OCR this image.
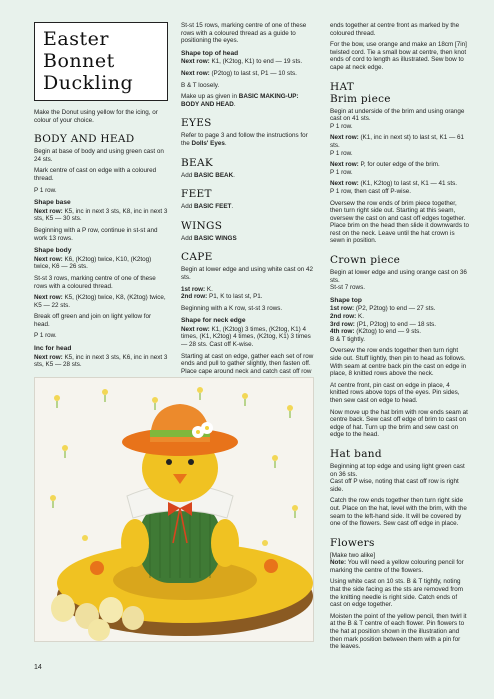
Easter
Bonnet
Duckling

Make the Donut using yellow for the icing, or colour of your choice.

BODY AND HEAD

Begin at base of body and using green cast on 24 sts.

Mark centre of cast on edge with a coloured thread.

P 1 row.

Shape base

Next row: K5, inc in next 3 sts, K8, inc in next 3 sts, K5 — 30 sts.

Beginning with a P row, continue in st-st and work 13 rows.

Shape body

Next row: K6, (K2tog) twice, K10, (K2tog) twice, K6 — 26 sts.

St-st 3 rows, marking centre of one of these rows with a coloured thread.

Next row: K5, (K2tog) twice, K8, (K2tog) twice, K5 — 22 sts.

Break off green and join on light yellow for head.

P 1 row.

Inc for head

Next row: K5, inc in next 3 sts, K6, inc in next 3 sts, K5 — 28 sts.

St-st 15 rows, marking centre of one of these rows with a coloured thread as a guide to positioning the eyes.

Shape top of head

Next row: K1, (K2tog, K1) to end — 19 sts.

Next row: (P2tog) to last st, P1 — 10 sts.

B & T loosely.

Make up as given in BASIC MAKING-UP: BODY AND HEAD.

EYES

Refer to page 3 and follow the instructions for the Dolls' Eyes.

BEAK

Add BASIC BEAK.

FEET

Add BASIC FEET.

WINGS

Add BASIC WINGS

CAPE

Begin at lower edge and using white cast on 42 sts.

1st row: K.

2nd row: P1, K to last st, P1.

Beginning with a K row, st-st 3 rows.

Shape for neck edge

Next row: K1, (K2tog) 3 times, (K2tog, K1) 4 times, (K1, K2tog) 4 times, (K2tog, K1) 3 times — 28 sts. Cast off K-wise.

Starting at cast on edge, gather each set of row ends and pull to gather slightly, then fasten off. Place cape around neck and catch cast off row

ends together at centre front as marked by the coloured thread.

For the bow, use orange and make an 18cm [7in] twisted cord. Tie a small bow at centre, then knot ends of cord to length as illustrated. Sew bow to cape at neck edge.

HAT
Brim piece

Begin at underside of the brim and using orange cast on 41 sts.

P 1 row.

Next row: (K1, inc in next st) to last st, K1 — 61 sts.

P 1 row.

Next row: P, for outer edge of the brim.

P 1 row.

Next row: (K1, K2tog) to last st, K1 — 41 sts.

P 1 row, then cast off P-wise.

Oversew the row ends of brim piece together, then turn right side out. Starting at this seam, oversew the cast on and cast off edges together. Place brim on the head then slide it downwards to rest on the neck. Leave until the hat crown is sewn in position.

Crown piece

Begin at lower edge and using orange cast on 36 sts.

St-st 7 rows.

Shape top

1st row: (P2, P2tog) to end — 27 sts.

2nd row: K.

3rd row: (P1, P2tog) to end — 18 sts.

4th row: (K2tog) to end — 9 sts.

B & T tightly.

Oversew the row ends together then turn right side out. Stuff lightly, then pin to head as follows. With seam at centre back pin the cast on edge in place, 8 knitted rows above the neck.

At centre front, pin cast on edge in place, 4 knitted rows above tops of the eyes. Pin sides, then sew cast on edge to head.

Now move up the hat brim with row ends seam at centre back. Sew cast off edge of brim to cast on edge of hat. Turn up the brim and sew cast on edge to the head.

Hat band

Beginning at top edge and using light green cast on 36 sts.

Cast off P wise, noting that cast off row is right side.

Catch the row ends together then turn right side out. Place on the hat, level with the brim, with the seam to the left-hand side. It will be covered by one of the flowers. Sew cast off edge in place.

Flowers

[Make two alike]

Note: You will need a yellow colouring pencil for marking the centre of the flowers.

Using white cast on 10 sts. B & T tightly, noting that the side facing as the sts are removed from the knitting needle is right side. Catch ends of cast on edge together.

Moisten the point of the yellow pencil, then twirl it at the B & T centre of each flower. Pin flowers to the hat at position shown in the illustration and then mark position between them with a pin for the leaves.

14
